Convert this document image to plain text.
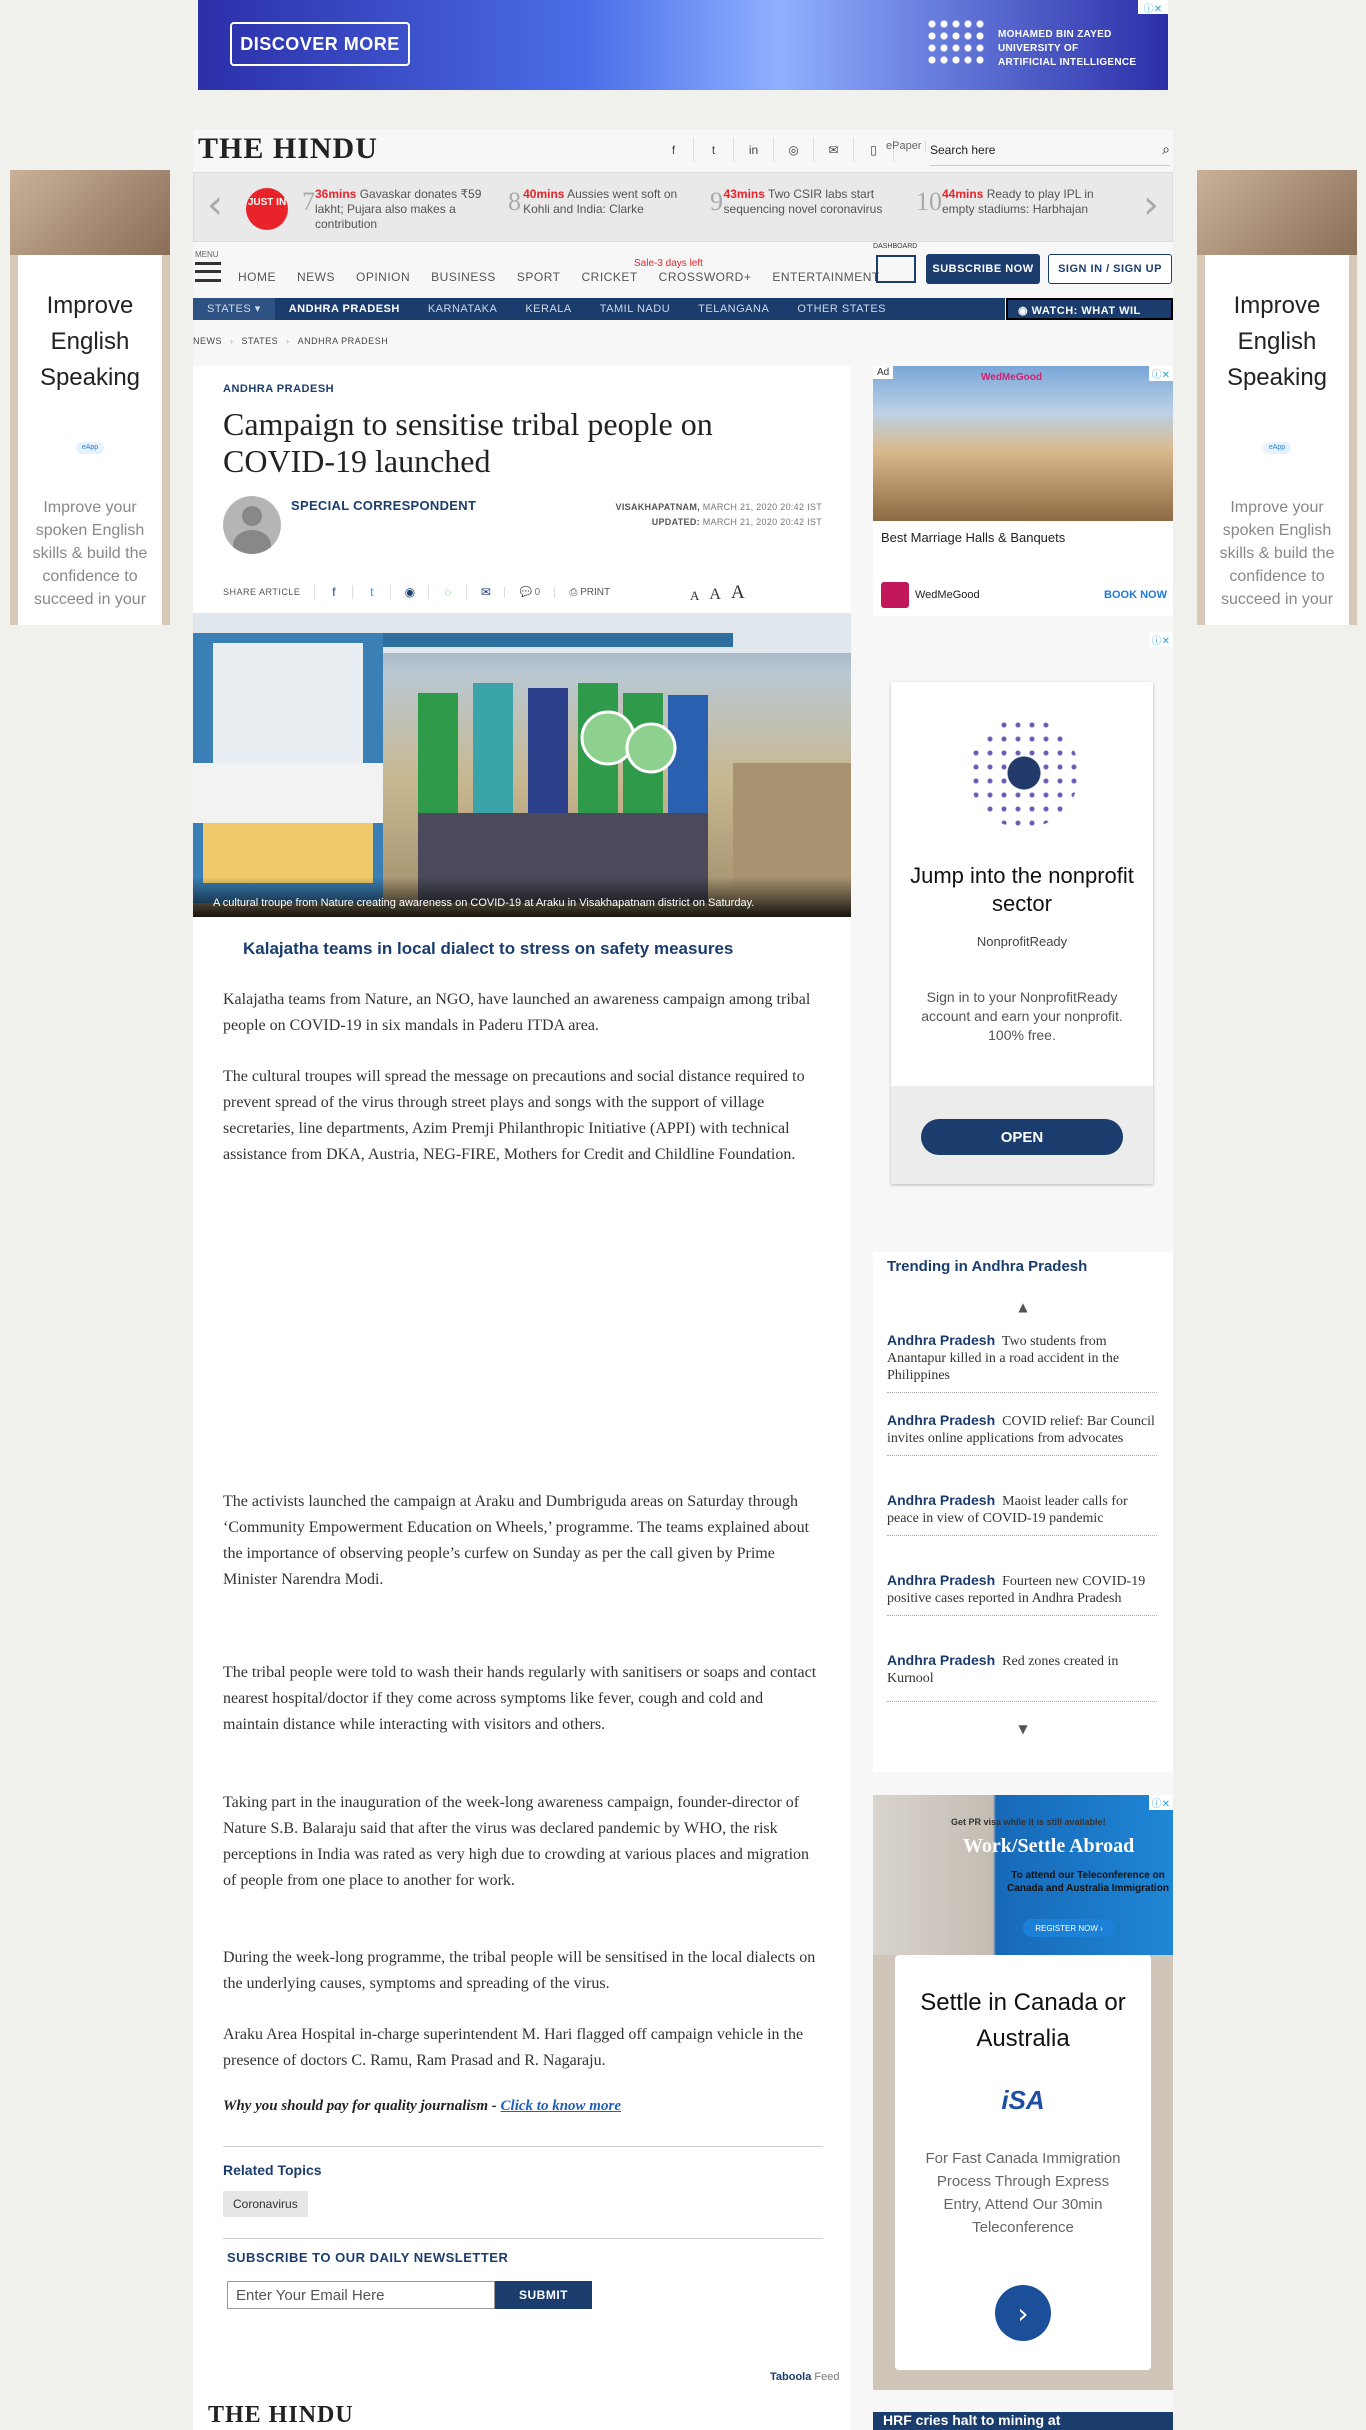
DISCOVER MORE	MOHAMED BIN ZAYED
UNIVERSITY OF
ARTIFICIAL INTELLIGENCE
ⓘ✕
Improve English Speaking
eApp
Improve your spoken English skills & build the confidence to succeed in your
Improve English Speaking
eApp
Improve your spoken English skills & build the confidence to succeed in your
THE HINDU	f	t	in	◎	✉	▯ ePaper
Search here	⌕
‹	JUST IN 7 36mins Gavaskar donates ₹59 lakht; Pujara also makes a contribution
8 40mins Aussies went soft on Kohli and India: Clarke	9 43mins Two CSIR labs start sequencing novel coronavirus	10 44mins Ready to play IPL in empty stadiums: Harbhajan	›
MENU
HOME NEWS OPINION BUSINESS SPORT CRICKET CROSSWORD+ ENTERTAINMENT
Sale-3 days left
DASHBOARD
SUBSCRIBE NOW	SIGN IN / SIGN UP
STATES ▾	ANDHRA PRADESH	KARNATAKA	KERALA	TAMIL NADU	TELANGANA	OTHER STATES	◉ WATCH: WHAT WIL
NEWS › STATES › ANDHRA PRADESH
ANDHRA PRADESH
Campaign to sensitise tribal people on COVID-19 launched
SPECIAL CORRESPONDENT	VISAKHAPATNAM, MARCH 21, 2020 20:42 IST
UPDATED: MARCH 21, 2020 20:42 IST
SHARE ARTICLE	f	t	◉	◌	✉	💬 0	⎙ PRINT	A A A
A cultural troupe from Nature creating awareness on COVID-19 at Araku in Visakhapatnam district on Saturday.
Kalajatha teams in local dialect to stress on safety measures

Kalajatha teams from Nature, an NGO, have launched an awareness campaign among tribal people on COVID-19 in six mandals in Paderu ITDA area.

The cultural troupes will spread the message on precautions and social distance required to prevent spread of the virus through street plays and songs with the support of village secretaries, line departments, Azim Premji Philanthropic Initiative (APPI) with technical assistance from DKA, Austria, NEG-FIRE, Mothers for Credit and Childline Foundation.

The activists launched the campaign at Araku and Dumbriguda areas on Saturday through ‘Community Empowerment Education on Wheels,’ programme. The teams explained about the importance of observing people’s curfew on Sunday as per the call given by Prime Minister Narendra Modi.

The tribal people were told to wash their hands regularly with sanitisers or soaps and contact nearest hospital/doctor if they come across symptoms like fever, cough and cold and maintain distance while interacting with visitors and others.

Taking part in the inauguration of the week-long awareness campaign, founder-director of Nature S.B. Balaraju said that after the virus was declared pandemic by WHO, the risk perceptions in India was rated as very high due to crowding at various places and migration of people from one place to another for work.

During the week-long programme, the tribal people will be sensitised in the local dialects on the underlying causes, symptoms and spreading of the virus.

Araku Area Hospital in-charge superintendent M. Hari flagged off campaign vehicle in the presence of doctors C. Ramu, Ram Prasad and R. Nagaraju.

Why you should pay for quality journalism - Click to know more
Related Topics
Coronavirus
SUBSCRIBE TO OUR DAILY NEWSLETTER
Enter Your Email Here
SUBMIT
Taboola Feed
THE HINDU
Ad	ⓘ✕
WedMeGood
Best Marriage Halls & Banquets
WedMeGood	BOOK NOW
ⓘ✕
Jump into the nonprofit sector
NonprofitReady
Sign in to your NonprofitReady account and earn your nonprofit. 100% free.
OPEN
Trending in Andhra Pradesh
▲
Andhra Pradesh Two students from Anantapur killed in a road accident in the Philippines
Andhra Pradesh COVID relief: Bar Council invites online applications from advocates
Andhra Pradesh Maoist leader calls for peace in view of COVID-19 pandemic
Andhra Pradesh Fourteen new COVID-19 positive cases reported in Andhra Pradesh
Andhra Pradesh Red zones created in Kurnool
▼
ⓘ✕
Get PR visa while it is still available!
Work/Settle Abroad
To attend our Teleconference on Canada and Australia Immigration
REGISTER NOW ›
Settle in Canada or Australia
iSA
For Fast Canada Immigration Process Through Express Entry, Attend Our 30min Teleconference
›
HRF cries halt to mining at
